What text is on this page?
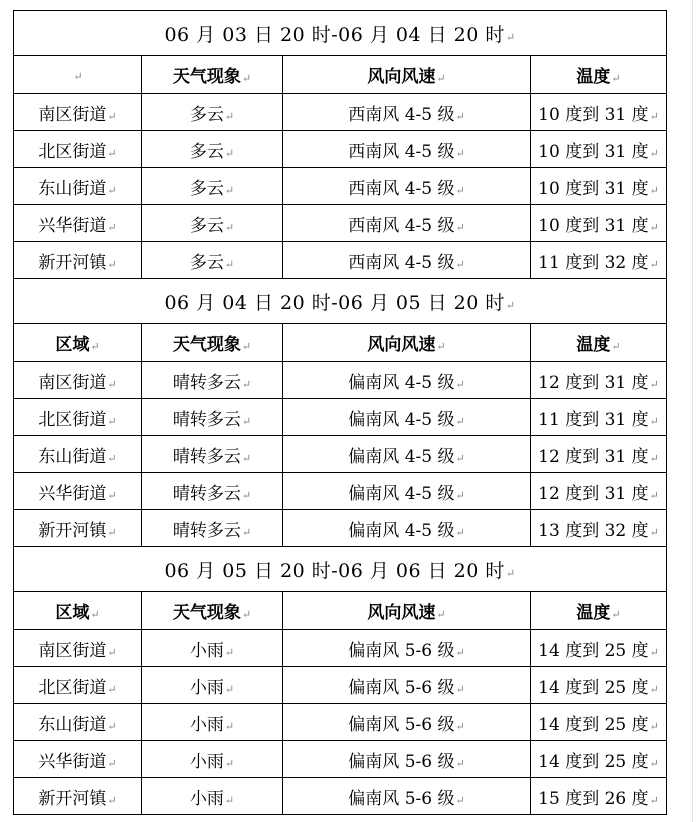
06 月 03 日 20 时-06 月 04 日 20 时↵			
↵	天气现象↵	风向风速↵	温度↵
南区街道↵	多云↵	西南风 4-5 级↵	10 度到 31 度↵
北区街道↵	多云↵	西南风 4-5 级↵	10 度到 31 度↵
东山街道↵	多云↵	西南风 4-5 级↵	10 度到 31 度↵
兴华街道↵	多云↵	西南风 4-5 级↵	10 度到 31 度↵
新开河镇↵	多云↵	西南风 4-5 级↵	11 度到 32 度↵
06 月 04 日 20 时-06 月 05 日 20 时↵			
区域↵	天气现象↵	风向风速↵	温度↵
南区街道↵	晴转多云↵	偏南风 4-5 级↵	12 度到 31 度↵
北区街道↵	晴转多云↵	偏南风 4-5 级↵	11 度到 31 度↵
东山街道↵	晴转多云↵	偏南风 4-5 级↵	12 度到 31 度↵
兴华街道↵	晴转多云↵	偏南风 4-5 级↵	12 度到 31 度↵
新开河镇↵	晴转多云↵	偏南风 4-5 级↵	13 度到 32 度↵
06 月 05 日 20 时-06 月 06 日 20 时↵			
区域↵	天气现象↵	风向风速↵	温度↵
南区街道↵	小雨↵	偏南风 5-6 级↵	14 度到 25 度↵
北区街道↵	小雨↵	偏南风 5-6 级↵	14 度到 25 度↵
东山街道↵	小雨↵	偏南风 5-6 级↵	14 度到 25 度↵
兴华街道↵	小雨↵	偏南风 5-6 级↵	14 度到 25 度↵
新开河镇↵	小雨↵	偏南风 5-6 级↵	15 度到 26 度↵
